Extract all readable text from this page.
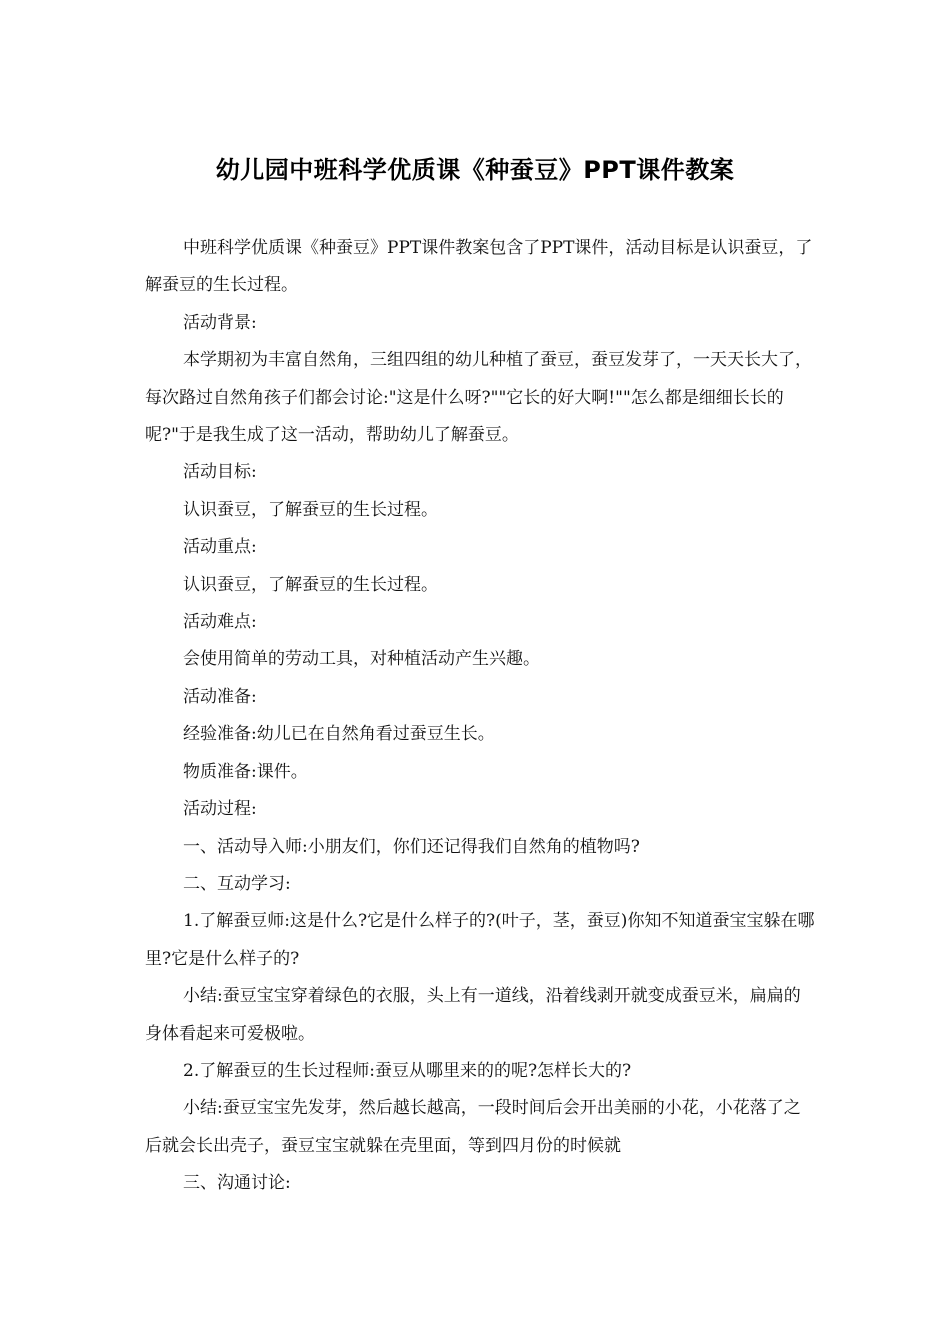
幼儿园中班科学优质课《种蚕豆》PPT课件教案

中班科学优质课《种蚕豆》PPT课件教案包含了PPT课件，活动目标是认识蚕豆，了解蚕豆的生长过程。

活动背景:

本学期初为丰富自然角，三组四组的幼儿种植了蚕豆，蚕豆发芽了，一天天长大了，每次路过自然角孩子们都会讨论:"这是什么呀?""它长的好大啊!""怎么都是细细长长的呢?"于是我生成了这一活动，帮助幼儿了解蚕豆。

活动目标:

认识蚕豆，了解蚕豆的生长过程。

活动重点:

认识蚕豆，了解蚕豆的生长过程。

活动难点:

会使用简单的劳动工具，对种植活动产生兴趣。

活动准备:

经验准备:幼儿已在自然角看过蚕豆生长。

物质准备:课件。

活动过程:

一、活动导入师:小朋友们，你们还记得我们自然角的植物吗?

二、互动学习:

1.了解蚕豆师:这是什么?它是什么样子的?(叶子，茎，蚕豆)你知不知道蚕宝宝躲在哪里?它是什么样子的?

小结:蚕豆宝宝穿着绿色的衣服，头上有一道线，沿着线剥开就变成蚕豆米，扁扁的身体看起来可爱极啦。

2.了解蚕豆的生长过程师:蚕豆从哪里来的的呢?怎样长大的?

小结:蚕豆宝宝先发芽，然后越长越高，一段时间后会开出美丽的小花，小花落了之后就会长出壳子，蚕豆宝宝就躲在壳里面，等到四月份的时候就

三、沟通讨论:
